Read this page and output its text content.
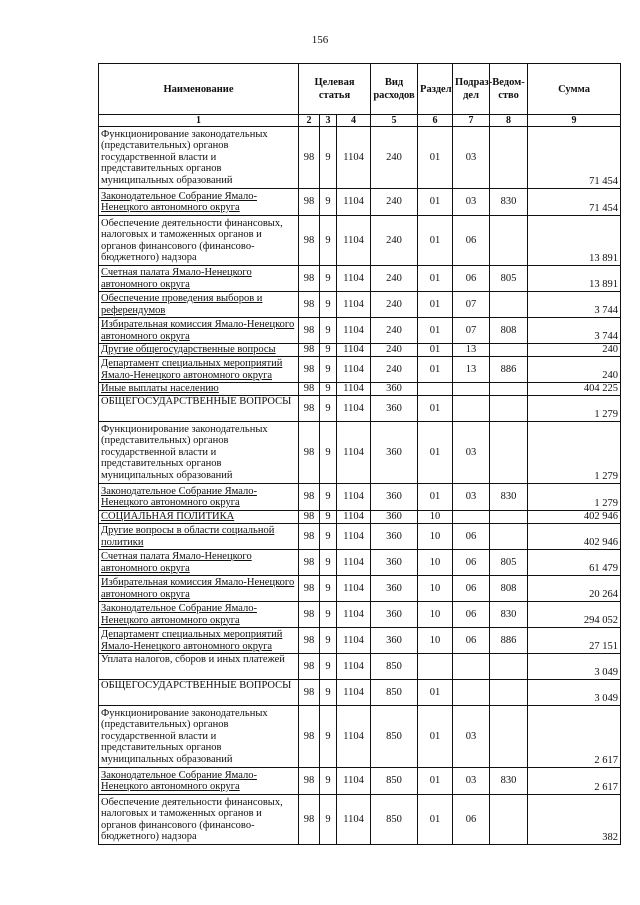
156
Наименование	Целевая статья			Вид расходов	Раздел	Подраз-дел	Ведом-ство	Сумма
1	2	3	4	5	6	7	8	9
Функционирование законодательных (представительных) органов государственной власти и представительных органов муниципальных образований	98	9	1104	240	01	03		71 454
Законодательное Собрание Ямало-Ненецкого автономного округа	98	9	1104	240	01	03	830	71 454
Обеспечение деятельности финансовых, налоговых и таможенных органов и органов финансового (финансово-бюджетного) надзора	98	9	1104	240	01	06		13 891
Счетная палата Ямало-Ненецкого автономного округа	98	9	1104	240	01	06	805	13 891
Обеспечение проведения выборов и референдумов	98	9	1104	240	01	07		3 744
Избирательная комиссия Ямало-Ненецкого автономного округа	98	9	1104	240	01	07	808	3 744
Другие общегосударственные вопросы	98	9	1104	240	01	13		240
Департамент специальных мероприятий Ямало-Ненецкого автономного округа	98	9	1104	240	01	13	886	240
Иные выплаты населению	98	9	1104	360				404 225
ОБЩЕГОСУДАРСТВЕННЫЕ ВОПРОСЫ	98	9	1104	360	01			1 279
Функционирование законодательных (представительных) органов государственной власти и представительных органов муниципальных образований	98	9	1104	360	01	03		1 279
Законодательное Собрание Ямало-Ненецкого автономного округа	98	9	1104	360	01	03	830	1 279
СОЦИАЛЬНАЯ ПОЛИТИКА	98	9	1104	360	10			402 946
Другие вопросы в области социальной политики	98	9	1104	360	10	06		402 946
Счетная палата Ямало-Ненецкого автономного округа	98	9	1104	360	10	06	805	61 479
Избирательная комиссия Ямало-Ненецкого автономного округа	98	9	1104	360	10	06	808	20 264
Законодательное Собрание Ямало-Ненецкого автономного округа	98	9	1104	360	10	06	830	294 052
Департамент специальных мероприятий Ямало-Ненецкого автономного округа	98	9	1104	360	10	06	886	27 151
Уплата налогов, сборов и иных платежей	98	9	1104	850				3 049
ОБЩЕГОСУДАРСТВЕННЫЕ ВОПРОСЫ	98	9	1104	850	01			3 049
Функционирование законодательных (представительных) органов государственной власти и представительных органов муниципальных образований	98	9	1104	850	01	03		2 617
Законодательное Собрание Ямало-Ненецкого автономного округа	98	9	1104	850	01	03	830	2 617
Обеспечение деятельности финансовых, налоговых и таможенных органов и органов финансового (финансово-бюджетного) надзора	98	9	1104	850	01	06		382
